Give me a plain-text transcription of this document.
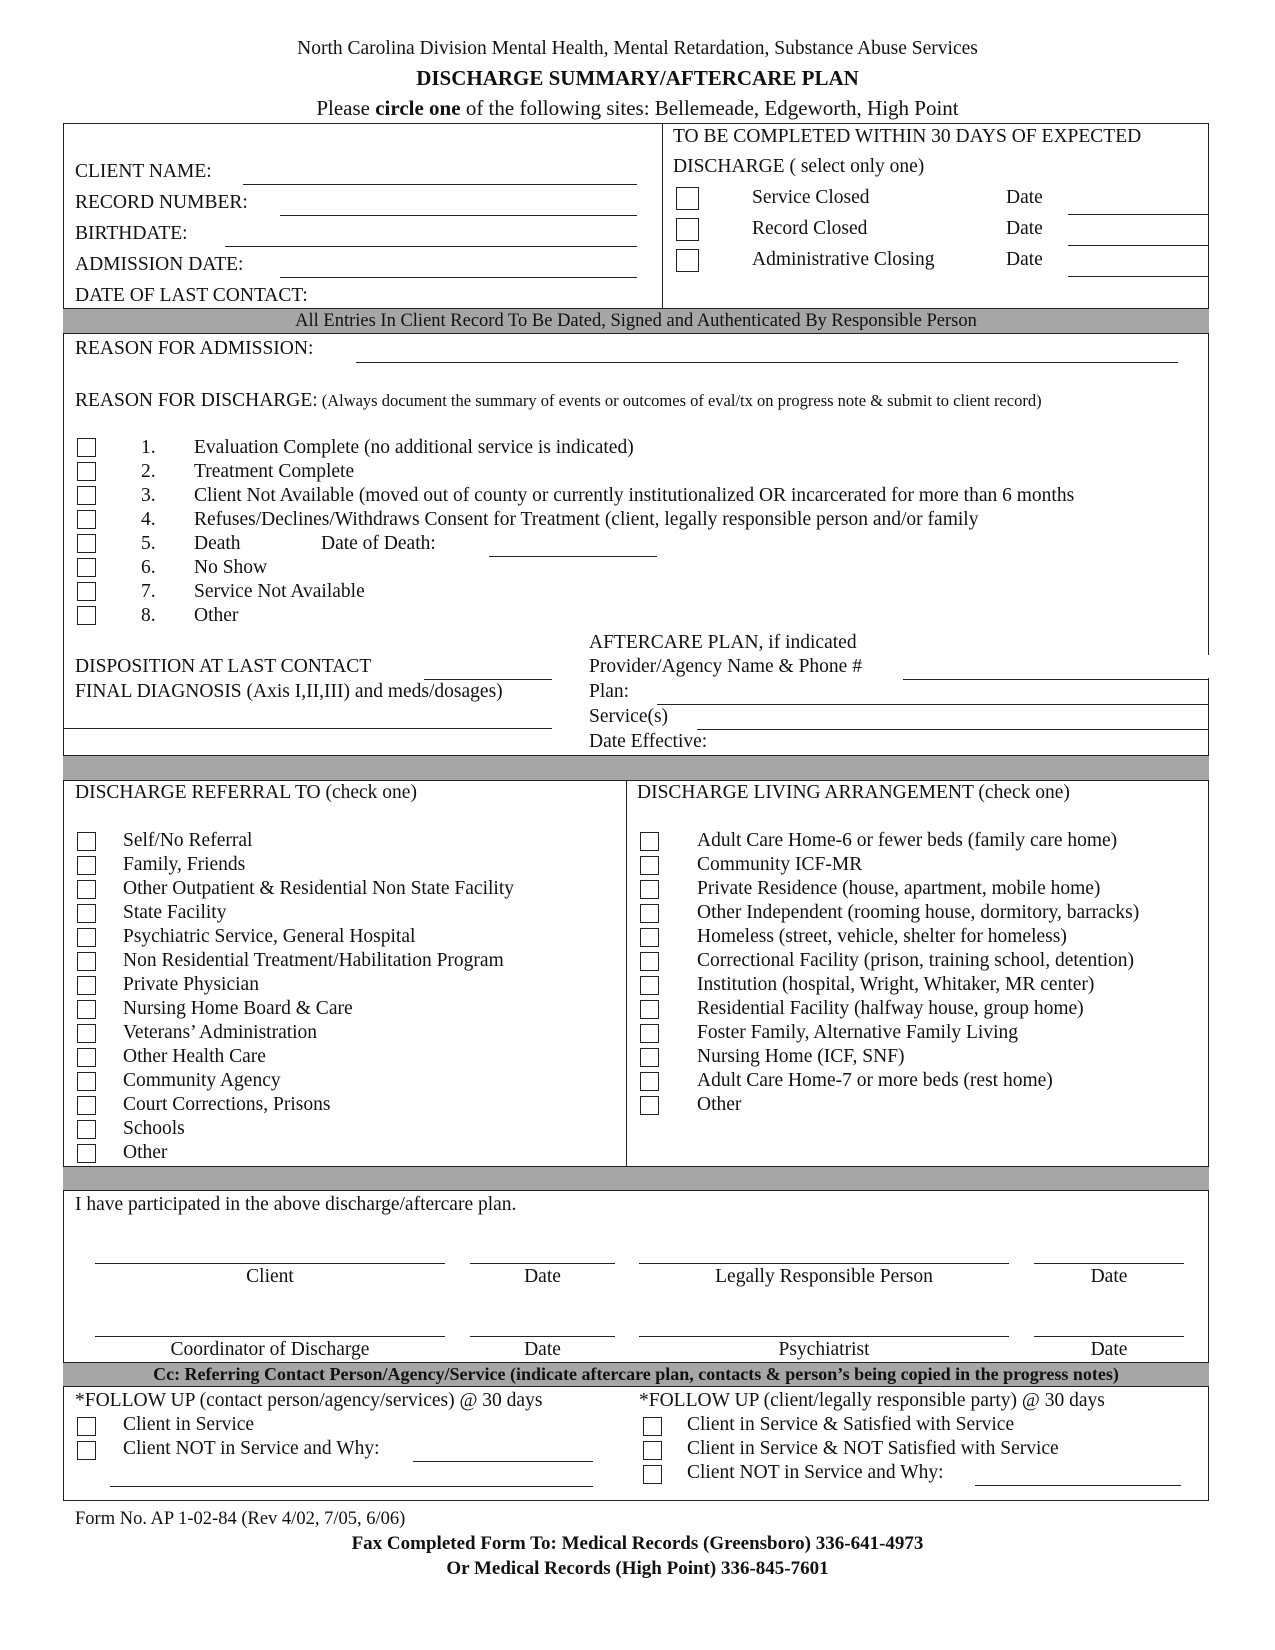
North Carolina Division Mental Health, Mental Retardation, Substance Abuse Services
DISCHARGE SUMMARY/AFTERCARE PLAN
Please circle one of the following sites: Bellemeade, Edgeworth, High Point
CLIENT NAME:
RECORD NUMBER:
BIRTHDATE:
ADMISSION DATE:
DATE OF LAST CONTACT:
TO BE COMPLETED WITHIN 30 DAYS OF EXPECTED
DISCHARGE ( select only one)
Service Closed	Date
Record Closed	Date
Administrative Closing	Date
All Entries In Client Record To Be Dated, Signed and Authenticated By Responsible Person
REASON FOR ADMISSION:
REASON FOR DISCHARGE: (Always document the summary of events or outcomes of eval/tx on progress note & submit to client record)
1. Evaluation Complete (no additional service is indicated)
2. Treatment Complete
3. Client Not Available (moved out of county or currently institutionalized OR incarcerated for more than 6 months
4. Refuses/Declines/Withdraws Consent for Treatment (client, legally responsible person and/or family
5. Death	Date of Death:
6. No Show
7. Service Not Available
8. Other
DISPOSITION AT LAST CONTACT
FINAL DIAGNOSIS (Axis I,II,III) and meds/dosages)
AFTERCARE PLAN, if indicated
Provider/Agency Name & Phone #
Plan:
Service(s)
Date Effective:
DISCHARGE REFERRAL TO (check one)	DISCHARGE LIVING ARRANGEMENT (check one)
Self/No Referral
Family, Friends
Other Outpatient & Residential Non State Facility
State Facility
Psychiatric Service, General Hospital
Non Residential Treatment/Habilitation Program
Private Physician
Nursing Home Board & Care
Veterans’ Administration
Other Health Care
Community Agency
Court Corrections, Prisons
Schools
Other
Adult Care Home-6 or fewer beds (family care home)
Community ICF-MR
Private Residence (house, apartment, mobile home)
Other Independent (rooming house, dormitory, barracks)
Homeless (street, vehicle, shelter for homeless)
Correctional Facility (prison, training school, detention)
Institution (hospital, Wright, Whitaker, MR center)
Residential Facility (halfway house, group home)
Foster Family, Alternative Family Living
Nursing Home (ICF, SNF)
Adult Care Home-7 or more beds (rest home)
Other
I have participated in the above discharge/aftercare plan.
Client	Date	Legally Responsible Person	Date
Coordinator of Discharge	Date	Psychiatrist	Date
Cc: Referring Contact Person/Agency/Service (indicate aftercare plan, contacts & person’s being copied in the progress notes)
*FOLLOW UP (contact person/agency/services) @ 30 days
Client in Service
Client NOT in Service and Why:
*FOLLOW UP (client/legally responsible party) @ 30 days
Client in Service & Satisfied with Service
Client in Service & NOT Satisfied with Service
Client NOT in Service and Why:
Form No. AP 1-02-84 (Rev 4/02, 7/05, 6/06)
Fax Completed Form To: Medical Records (Greensboro) 336-641-4973
Or Medical Records (High Point) 336-845-7601
